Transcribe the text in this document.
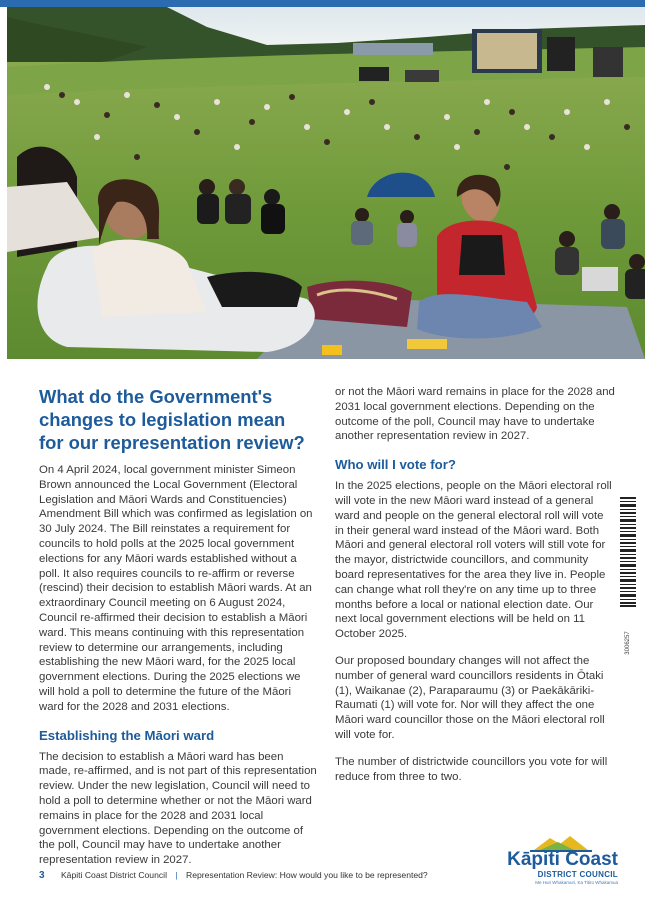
What do the Government's
changes to legislation mean
for our representation review?

On 4 April 2024, local government minister Simeon Brown announced the Local Government (Electoral Legislation and Māori Wards and Constituencies) Amendment Bill which was confirmed as legislation on 30 July 2024. The Bill reinstates a requirement for councils to hold polls at the 2025 local government elections for any Māori wards established without a poll. It also requires councils to re-affirm or reverse (rescind) their decision to establish Māori wards. At an extraordinary Council meeting on 6 August 2024, Council re-affirmed their decision to establish a Māori ward. This means continuing with this representation review to determine our arrangements, including establishing the new Māori ward, for the 2025 local government elections. During the 2025 elections we will hold a poll to determine the future of the Māori ward for the 2028 and 2031 elections.

Establishing the Māori ward

The decision to establish a Māori ward has been made, re-affirmed, and is not part of this representation review. Under the new legislation, Council will need to hold a poll to determine whether or not the Māori ward remains in place for the 2028 and 2031 local government elections. Depending on the outcome of the poll, Council may have to undertake another representation review in 2027.

or not the Māori ward remains in place for the 2028 and 2031 local government elections. Depending on the outcome of the poll, Council may have to undertake another representation review in 2027.

Who will I vote for?

In the 2025 elections, people on the Māori electoral roll will vote in the new Māori ward instead of a general ward and people on the general electoral roll will vote in their general ward instead of the Māori ward. Both Māori and general electoral roll voters will still vote for the mayor, districtwide councillors, and community board representatives for the area they live in. People can change what roll they're on any time up to three months before a local or national election date. Our next local government elections will be held on 11 October 2025.

Our proposed boundary changes will not affect the number of general ward councillors residents in Ōtaki (1), Waikanae (2), Paraparaumu (3) or Paekākāriki-Raumati (1) will vote for. Nor will they affect the one Māori ward councillor those on the Māori electoral roll will vote for.

The number of districtwide councillors you vote for will reduce from three to two.

3006257
3 Kāpiti Coast District Council | Representation Review: How would you like to be represented?
Kāpiti Coast
DISTRICT COUNCIL
Me Huri Whakamuri, Ka Titiro Whakamua
